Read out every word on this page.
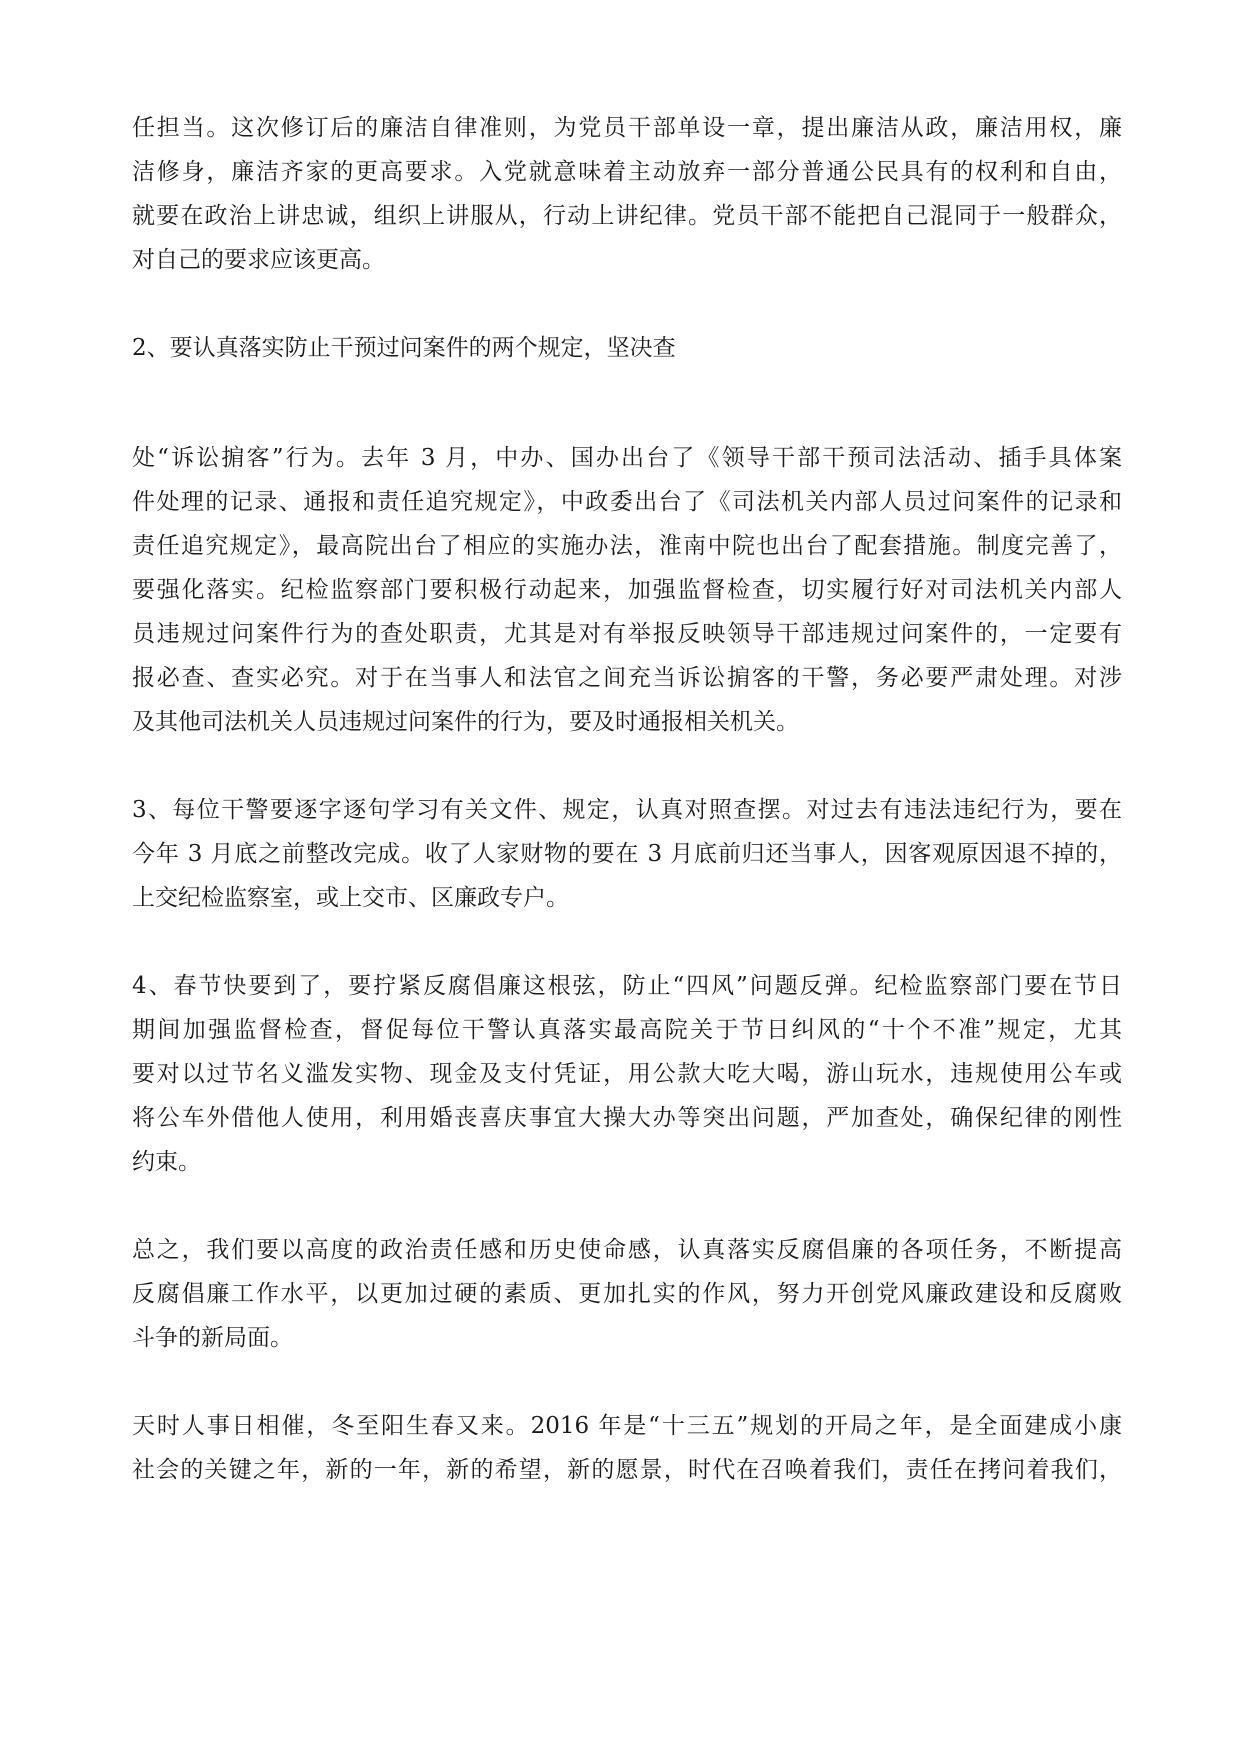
任担当。这次修订后的廉洁自律准则，为党员干部单设一章，提出廉洁从政，廉洁用权，廉
洁修身，廉洁齐家的更高要求。入党就意味着主动放弃一部分普通公民具有的权利和自由，
就要在政治上讲忠诚，组织上讲服从，行动上讲纪律。党员干部不能把自己混同于一般群众，
对自己的要求应该更高。
2、要认真落实防止干预过问案件的两个规定，坚决查
处“诉讼掮客”行为。去年 3 月，中办、国办出台了《领导干部干预司法活动、插手具体案
件处理的记录、通报和责任追究规定》，中政委出台了《司法机关内部人员过问案件的记录和
责任追究规定》，最高院出台了相应的实施办法，淮南中院也出台了配套措施。制度完善了，
要强化落实。纪检监察部门要积极行动起来，加强监督检查，切实履行好对司法机关内部人
员违规过问案件行为的查处职责，尤其是对有举报反映领导干部违规过问案件的，一定要有
报必查、查实必究。对于在当事人和法官之间充当诉讼掮客的干警，务必要严肃处理。对涉
及其他司法机关人员违规过问案件的行为，要及时通报相关机关。
3、每位干警要逐字逐句学习有关文件、规定，认真对照查摆。对过去有违法违纪行为，要在
今年 3 月底之前整改完成。收了人家财物的要在 3 月底前归还当事人，因客观原因退不掉的，
上交纪检监察室，或上交市、区廉政专户。
4、春节快要到了，要拧紧反腐倡廉这根弦，防止“四风”问题反弹。纪检监察部门要在节日
期间加强监督检查，督促每位干警认真落实最高院关于节日纠风的“十个不准”规定，尤其
要对以过节名义滥发实物、现金及支付凭证，用公款大吃大喝，游山玩水，违规使用公车或
将公车外借他人使用，利用婚丧喜庆事宜大操大办等突出问题，严加查处，确保纪律的刚性
约束。
总之，我们要以高度的政治责任感和历史使命感，认真落实反腐倡廉的各项任务，不断提高
反腐倡廉工作水平，以更加过硬的素质、更加扎实的作风，努力开创党风廉政建设和反腐败
斗争的新局面。
天时人事日相催，冬至阳生春又来。2016 年是“十三五”规划的开局之年，是全面建成小康
社会的关键之年，新的一年，新的希望，新的愿景，时代在召唤着我们，责任在拷问着我们，
